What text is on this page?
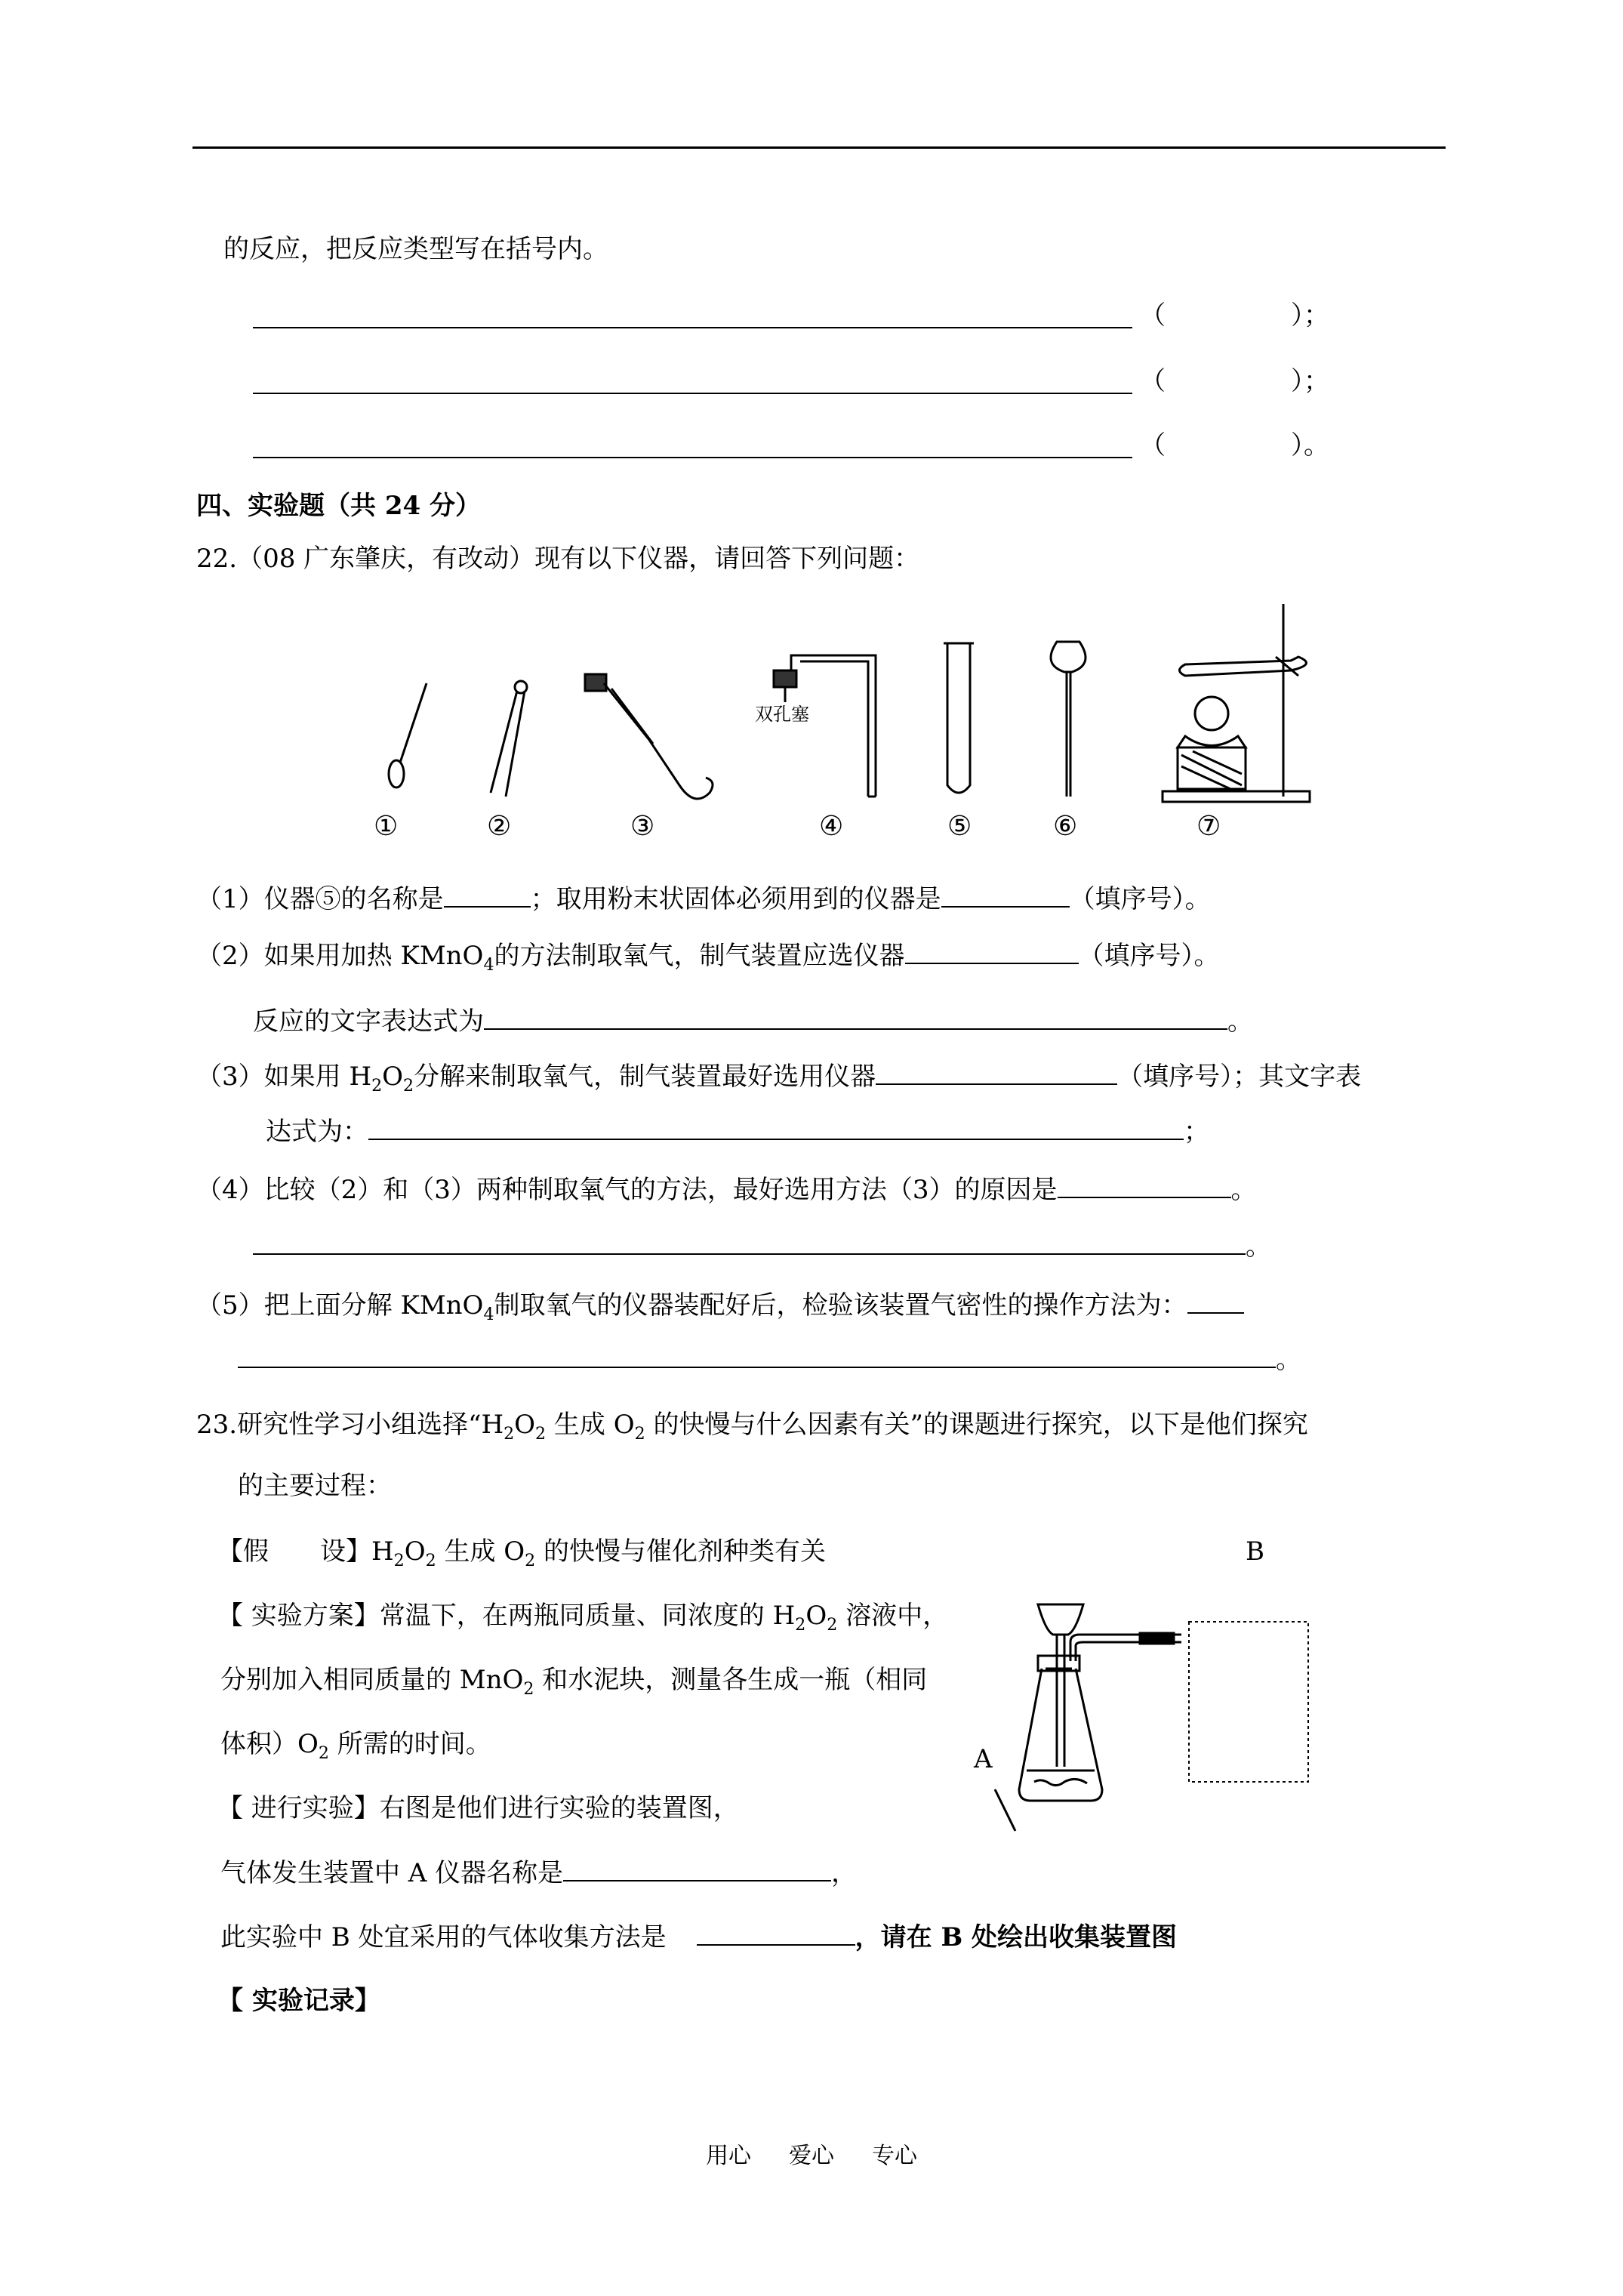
的反应，把反应类型写在括号内。
（	）；
（	）；
（	）。
四、实验题（共 24 分）
22.（08 广东肇庆，有改动）现有以下仪器，请回答下列问题：
双孔塞
①	②	③	④	⑤	⑥	⑦
（1）仪器⑤的名称是	；取用粉末状固体必须用到的仪器是	（填序号）。
（2）如果用加热 KMnO$_4$的方法制取氧气，制气装置应选仪器	（填序号）。
反应的文字表达式为	。
（3）如果用 $H_2O_2$分解来制取氧气，制气装置最好选用仪器	（填序号）；其文字表
达式为：	；
（4）比较（2）和（3）两种制取氧气的方法，最好选用方法（3）的原因是	。
。
（5）把上面分解 KMnO$_4$制取氧气的仪器装配好后，检验该装置气密性的操作方法为：
。
23.研究性学习小组选择“$H_2O_2$ 生成 $O_2$ 的快慢与什么因素有关”的课题进行探究，以下是他们探究
的主要过程：
【假　　设】$H_2O_2$ 生成 $O_2$ 的快慢与催化剂种类有关	B
【 实验方案】常温下，在两瓶同质量、同浓度的 $H_2O_2$ 溶液中，
分别加入相同质量的 MnO$_2$ 和水泥块，测量各生成一瓶（相同
体积）$O_2$ 所需的时间。	A
【 进行实验】右图是他们进行实验的装置图，
气体发生装置中 A 仪器名称是	，
此实验中 B 处宜采用的气体收集方法是	，请在 B 处绘出收集装置图
【 实验记录】
用心 爱心 专心
